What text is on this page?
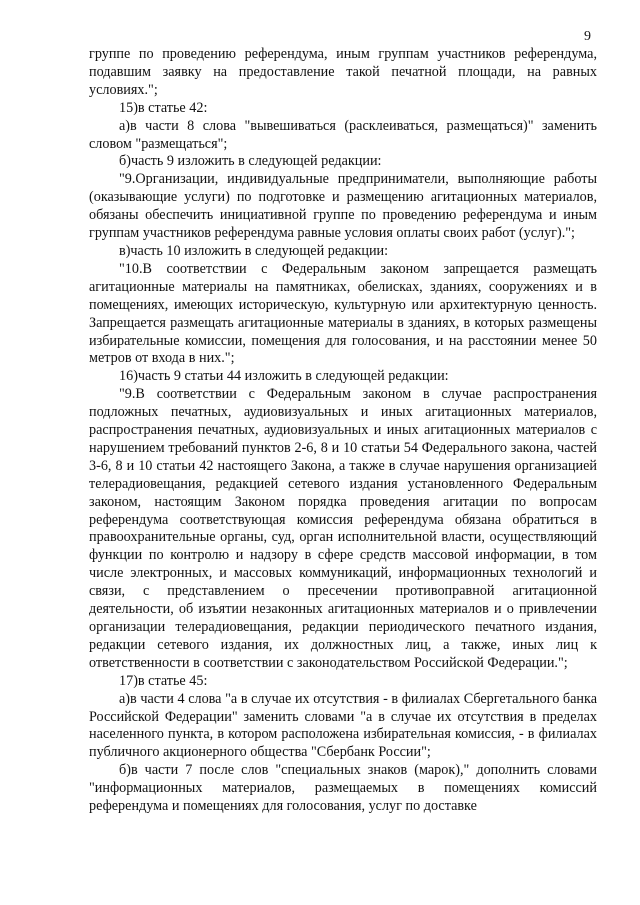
9

группе по проведению референдума, иным группам участников референдума, подавшим заявку на предоставление такой печатной площади, на равных условиях.";

15)в статье 42:

а)в части 8 слова "вывешиваться (расклеиваться, размещаться)" заменить словом "размещаться";

б)часть 9 изложить в следующей редакции:

"9.Организации, индивидуальные предприниматели, выполняющие работы (оказывающие услуги) по подготовке и размещению агитационных материалов, обязаны обеспечить инициативной группе по проведению референдума и иным группам участников референдума равные условия оплаты своих работ (услуг).";

в)часть 10 изложить в следующей редакции:

"10.В соответствии с Федеральным законом запрещается размещать агитационные материалы на памятниках, обелисках, зданиях, сооружениях и в помещениях, имеющих историческую, культурную или архитектурную ценность. Запрещается размещать агитационные материалы в зданиях, в которых размещены избирательные комиссии, помещения для голосования, и на расстоянии менее 50 метров от входа в них.";

16)часть 9 статьи 44 изложить в следующей редакции:

"9.В соответствии с Федеральным законом в случае распространения подложных печатных, аудиовизуальных и иных агитационных материалов, распространения печатных, аудиовизуальных и иных агитационных материалов с нарушением требований пунктов 2-6, 8 и 10 статьи 54 Федерального закона, частей 3-6, 8 и 10 статьи 42 настоящего Закона, а также в случае нарушения организацией телерадиовещания, редакцией сетевого издания установленного Федеральным законом, настоящим Законом порядка проведения агитации по вопросам референдума соответствующая комиссия референдума обязана обратиться в правоохранительные органы, суд, орган исполнительной власти, осуществляющий функции по контролю и надзору в сфере средств массовой информации, в том числе электронных, и массовых коммуникаций, информационных технологий и связи, с представлением о пресечении противоправной агитационной деятельности, об изъятии незаконных агитационных материалов и о привлечении организации телерадиовещания, редакции периодического печатного издания, редакции сетевого издания, их должностных лиц, а также, иных лиц к ответственности в соответствии с законодательством Российской Федерации.";

17)в статье 45:

а)в части 4 слова "а в случае их отсутствия - в филиалах Сбергетального банка Российской Федерации" заменить словами "а в случае их отсутствия в пределах населенного пункта, в котором расположена избирательная комиссия, - в филиалах публичного акционерного общества "Сбербанк России";

б)в части 7 после слов "специальных знаков (марок)," дополнить словами "информационных материалов, размещаемых в помещениях комиссий референдума и помещениях для голосования, услуг по доставке
